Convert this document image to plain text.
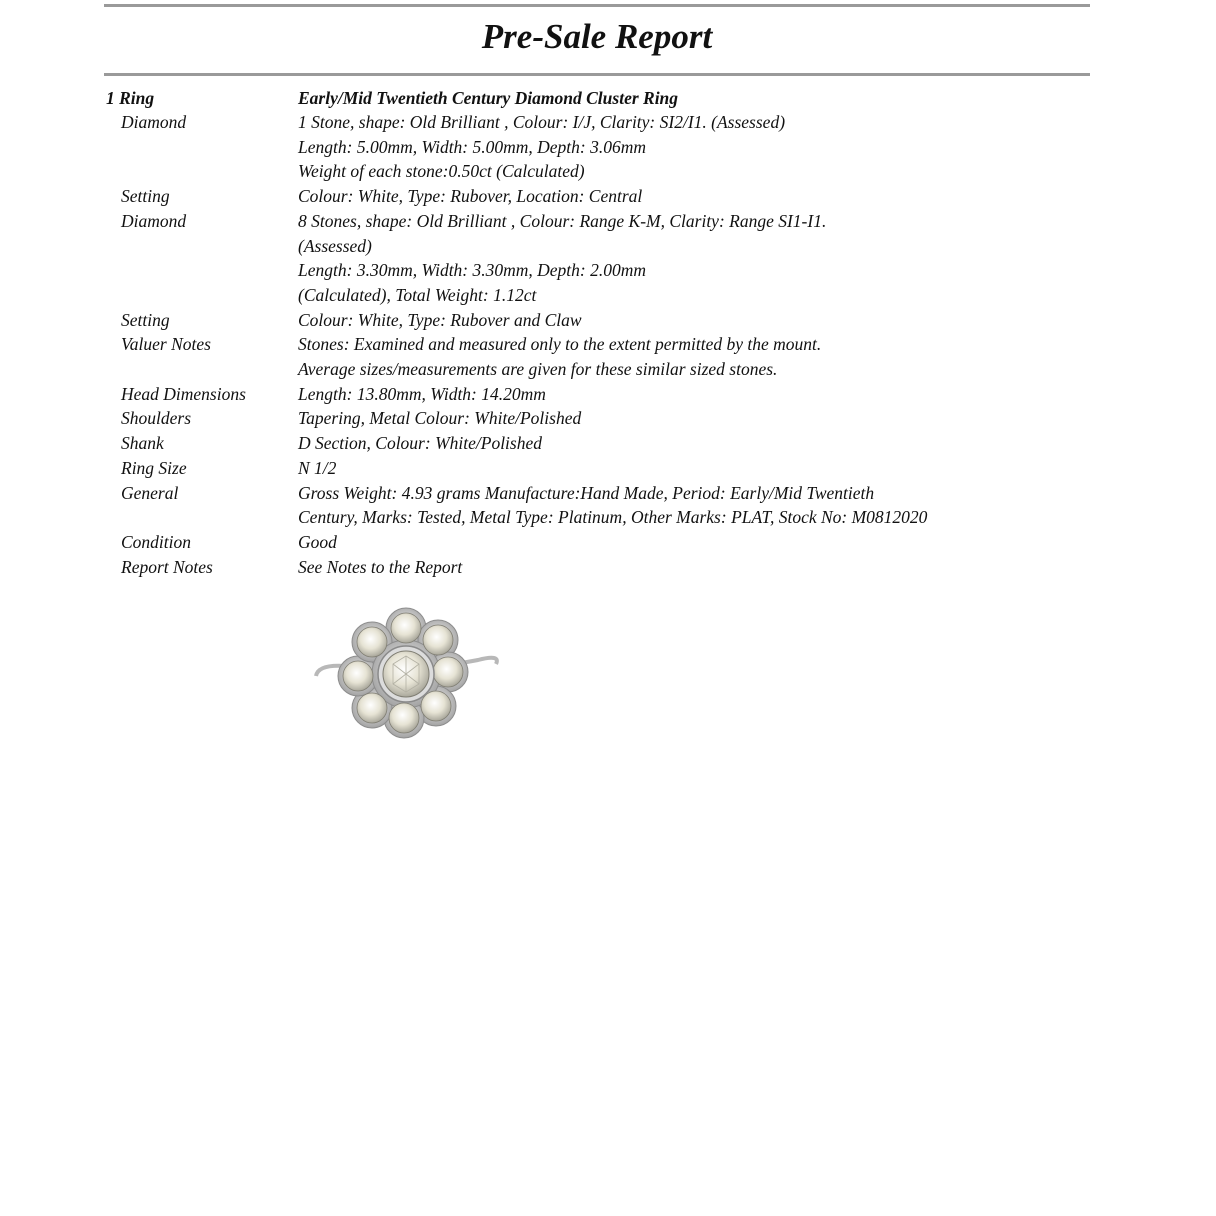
Pre-Sale Report
1 Ring	Early/Mid Twentieth Century Diamond Cluster Ring
Diamond	1 Stone, shape: Old Brilliant , Colour: I/J, Clarity: SI2/I1. (Assessed)
Length: 5.00mm, Width: 5.00mm, Depth: 3.06mm
Weight of each stone:0.50ct (Calculated)
Setting	Colour: White, Type: Rubover, Location: Central
Diamond	8 Stones, shape: Old Brilliant , Colour: Range K-M, Clarity: Range SI1-I1.
(Assessed)
Length: 3.30mm, Width: 3.30mm, Depth: 2.00mm
(Calculated), Total Weight: 1.12ct
Setting	Colour: White, Type: Rubover and Claw
Valuer Notes	Stones: Examined and measured only to the extent permitted by the mount.
Average sizes/measurements are given for these similar sized stones.
Head Dimensions	Length: 13.80mm, Width: 14.20mm
Shoulders	Tapering, Metal Colour: White/Polished
Shank	D Section, Colour: White/Polished
Ring Size	N 1/2
General	Gross Weight: 4.93 grams Manufacture:Hand Made, Period: Early/Mid Twentieth
Century, Marks: Tested, Metal Type: Platinum, Other Marks: PLAT, Stock No: M0812020
Condition	Good
Report Notes	See Notes to the Report
